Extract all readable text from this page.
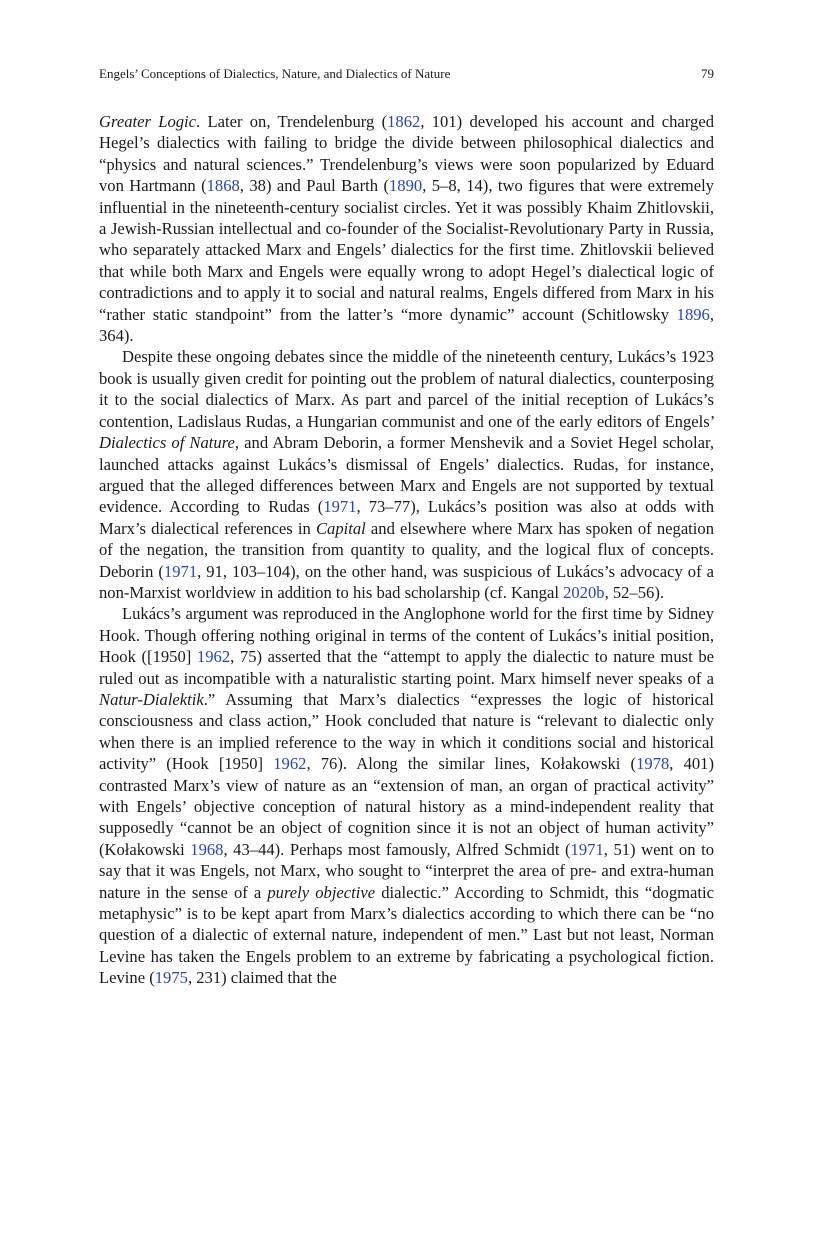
Engels’ Conceptions of Dialectics, Nature, and Dialectics of Nature	79

Greater Logic. Later on, Trendelenburg (1862, 101) developed his account and charged Hegel’s dialectics with failing to bridge the divide between philosophical dialectics and “physics and natural sciences.” Trendelenburg’s views were soon popularized by Eduard von Hartmann (1868, 38) and Paul Barth (1890, 5–8, 14), two figures that were extremely influential in the nineteenth-century socialist circles. Yet it was possibly Khaim Zhitlovskii, a Jewish-Russian intellectual and co-founder of the Socialist-Revolutionary Party in Russia, who separately attacked Marx and Engels’ dialectics for the first time. Zhitlovskii believed that while both Marx and Engels were equally wrong to adopt Hegel’s dialectical logic of contradictions and to apply it to social and natural realms, Engels differed from Marx in his “rather static standpoint” from the latter’s “more dynamic” account (Schitlowsky 1896, 364).

Despite these ongoing debates since the middle of the nineteenth century, Lukács’s 1923 book is usually given credit for pointing out the problem of natural dialectics, counterposing it to the social dialectics of Marx. As part and parcel of the initial reception of Lukács’s contention, Ladislaus Rudas, a Hungarian communist and one of the early editors of Engels’ Dialectics of Nature, and Abram Deborin, a former Menshevik and a Soviet Hegel scholar, launched attacks against Lukács’s dismissal of Engels’ dialectics. Rudas, for instance, argued that the alleged differences between Marx and Engels are not supported by textual evidence. According to Rudas (1971, 73–77), Lukács’s position was also at odds with Marx’s dialectical references in Capital and elsewhere where Marx has spoken of negation of the negation, the transition from quantity to quality, and the logical flux of concepts. Deborin (1971, 91, 103–104), on the other hand, was suspicious of Lukács’s advocacy of a non-Marxist worldview in addition to his bad scholarship (cf. Kangal 2020b, 52–56).

Lukács’s argument was reproduced in the Anglophone world for the first time by Sidney Hook. Though offering nothing original in terms of the content of Lukács’s initial position, Hook ([1950] 1962, 75) asserted that the “attempt to apply the dialectic to nature must be ruled out as incompatible with a naturalistic starting point. Marx himself never speaks of a Natur-Dialektik.” Assuming that Marx’s dialectics “expresses the logic of historical consciousness and class action,” Hook concluded that nature is “relevant to dialectic only when there is an implied reference to the way in which it conditions social and historical activity” (Hook [1950] 1962, 76). Along the similar lines, Kołakowski (1978, 401) contrasted Marx’s view of nature as an “extension of man, an organ of practical activity” with Engels’ objective conception of natural history as a mind-independent reality that supposedly “cannot be an object of cognition since it is not an object of human activity” (Kołakowski 1968, 43–44). Perhaps most famously, Alfred Schmidt (1971, 51) went on to say that it was Engels, not Marx, who sought to “interpret the area of pre- and extra-human nature in the sense of a purely objective dialectic.” According to Schmidt, this “dogmatic metaphysic” is to be kept apart from Marx’s dialectics according to which there can be “no question of a dialectic of external nature, independent of men.” Last but not least, Norman Levine has taken the Engels problem to an extreme by fabricating a psychological fiction. Levine (1975, 231) claimed that the
